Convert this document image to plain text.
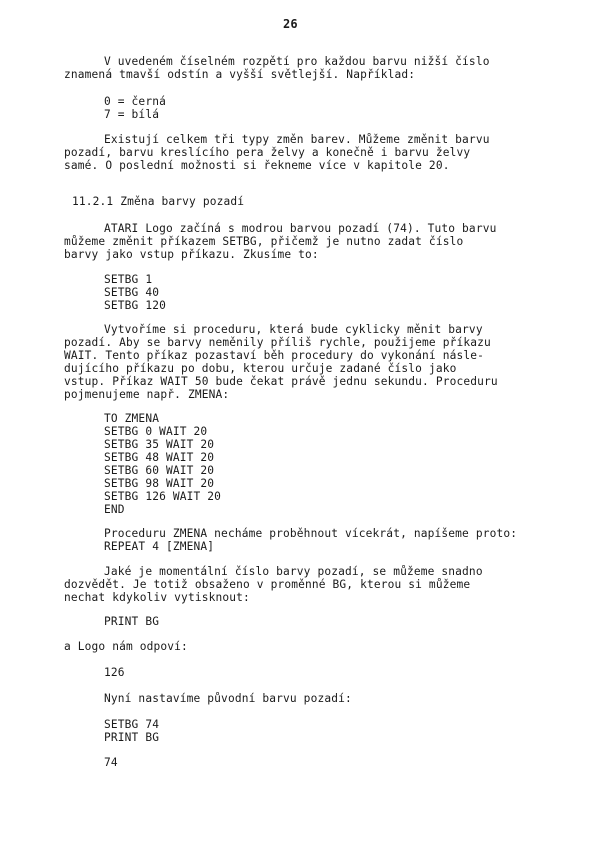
26
V uvedeném číselném rozpětí pro každou barvu nižší číslo
znamená tmavší odstín a vyšší světlejší. Například:
0 = černá
7 = bílá
Existují celkem tři typy změn barev. Můžeme změnit barvu
pozadí, barvu kreslícího pera želvy a konečně i barvu želvy
samé. O poslední možnosti si řekneme více v kapitole 20.
11.2.1 Změna barvy pozadí
ATARI Logo začíná s modrou barvou pozadí (74). Tuto barvu
můžeme změnit příkazem SETBG, přičemž je nutno zadat číslo
barvy jako vstup příkazu. Zkusíme to:
SETBG 1
SETBG 40
SETBG 120
Vytvoříme si proceduru, která bude cyklicky měnit barvy
pozadí. Aby se barvy neměnily příliš rychle, použijeme příkazu
WAIT. Tento příkaz pozastaví běh procedury do vykonání násle-
dujícího příkazu po dobu, kterou určuje zadané číslo jako
vstup. Příkaz WAIT 50 bude čekat právě jednu sekundu. Proceduru
pojmenujeme např. ZMENA:
TO ZMENA
SETBG 0 WAIT 20
SETBG 35 WAIT 20
SETBG 48 WAIT 20
SETBG 60 WAIT 20
SETBG 98 WAIT 20
SETBG 126 WAIT 20
END
Proceduru ZMENA necháme proběhnout vícekrát, napíšeme proto:
REPEAT 4 [ZMENA]
Jaké je momentální číslo barvy pozadí, se můžeme snadno
dozvědět. Je totiž obsaženo v proměnné BG, kterou si můžeme
nechat kdykoliv vytisknout:
PRINT BG
a Logo nám odpoví:
126
Nyní nastavíme původní barvu pozadí:
SETBG 74
PRINT BG
74
